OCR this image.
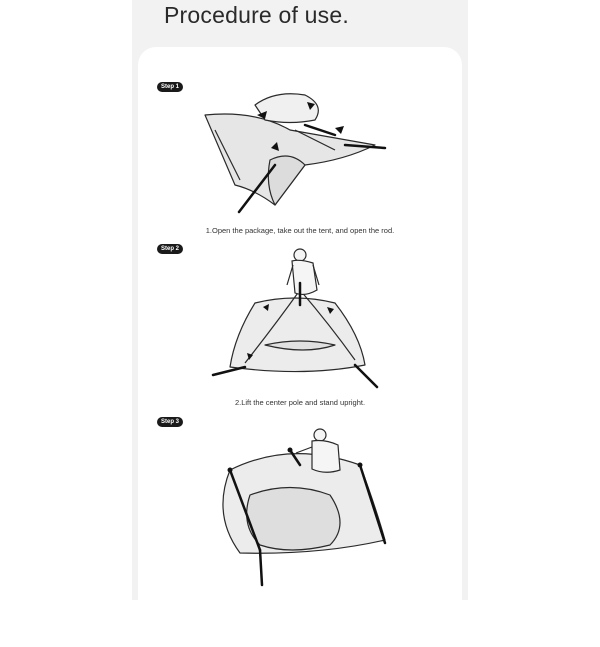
Procedure of use.
Step 1
1.Open the package, take out the tent, and open the rod.
Step 2
2.Lift the center pole and stand upright.
Step 3
